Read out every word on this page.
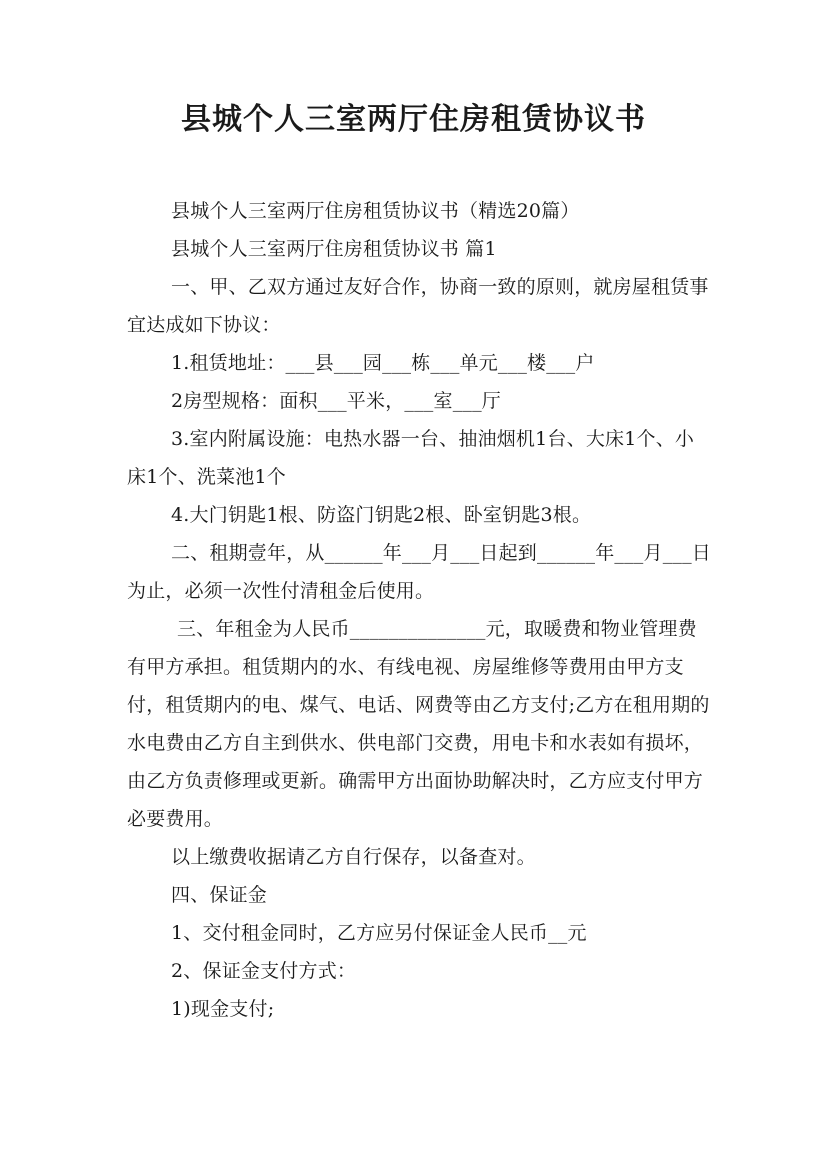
县城个人三室两厅住房租赁协议书

县城个人三室两厅住房租赁协议书（精选20篇）

县城个人三室两厅住房租赁协议书 篇1

一、甲、乙双方通过友好合作，协商一致的原则，就房屋租赁事宜达成如下协议：

1.租赁地址：___县___园___栋___单元___楼___户

2房型规格：面积___平米，___室___厅

3.室内附属设施：电热水器一台、抽油烟机1台、大床1个、小床1个、洗菜池1个

4.大门钥匙1根、防盗门钥匙2根、卧室钥匙3根。

二、租期壹年，从______年___月___日起到______年___月___日为止，必须一次性付清租金后使用。

三、年租金为人民币______________元，取暖费和物业管理费有甲方承担。租赁期内的水、有线电视、房屋维修等费用由甲方支付，租赁期内的电、煤气、电话、网费等由乙方支付;乙方在租用期的水电费由乙方自主到供水、供电部门交费，用电卡和水表如有损坏，由乙方负责修理或更新。确需甲方出面协助解决时，乙方应支付甲方必要费用。

以上缴费收据请乙方自行保存，以备查对。

四、保证金

1、交付租金同时，乙方应另付保证金人民币__元

2、保证金支付方式：

1)现金支付;
